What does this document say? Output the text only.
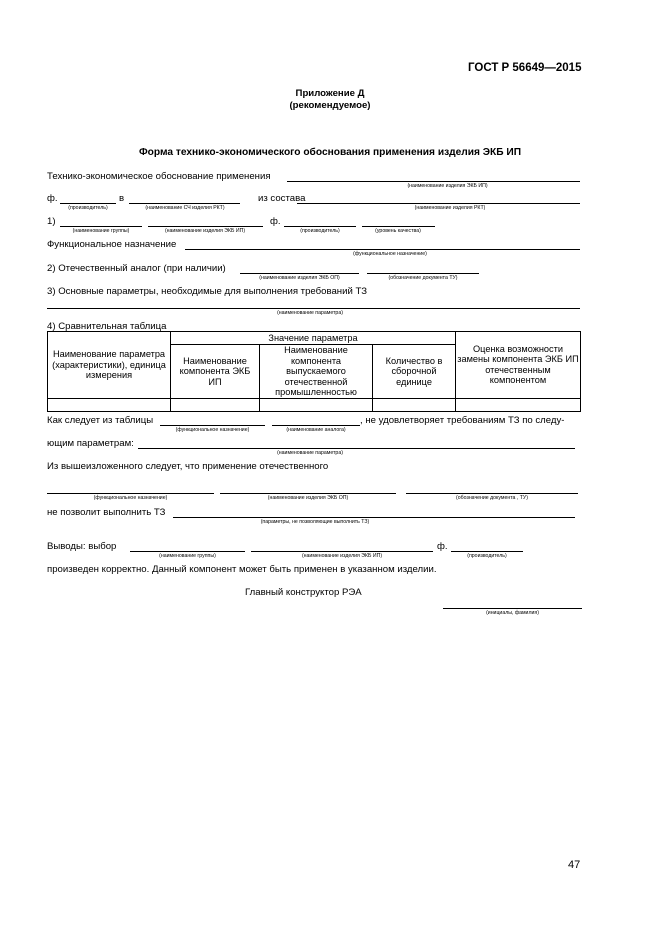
ГОСТ Р 56649—2015
Приложение Д
(рекомендуемое)
Форма технико-экономического обоснования применения изделия ЭКБ ИП
Технико-экономическое обоснование применения
(наименование изделия ЭКБ ИП)
ф.	в	из состава
(производитель)	(наименование СЧ изделия РКТ)	(наименование изделия РКТ)
1)	ф.
(наименование группы)	(наименование изделия ЭКБ ИП)	(производитель)	(уровень качества)
Функциональное назначение
(функциональное назначение)
2) Отечественный аналог (при наличии)
(наименование изделия ЭКБ ОП)	(обозначение документа ТУ)
3) Основные параметры, необходимые для выполнения требований ТЗ
(наименование параметра)
4) Сравнительная таблица
Наименование параметра (характеристики), единица измерения	Значение параметра			Оценка возможности замены компонента ЭКБ ИП отечественным компонентом
	Наименование компонента ЭКБ ИП	Наименование компонента выпускаемого отечественной промышленностью	Количество в сборочной единице	

Как следует из таблицы	, не удовлетворяет требованиям ТЗ по следу-
(функциональное назначение)	(наименование аналога)
ющим параметрам:
(наименование параметра)
Из вышеизложенного следует, что применение отечественного
(функциональное назначение)	(наименование изделия ЭКБ ОП)	(обозначение документа , ТУ)
не позволит выполнить ТЗ
(параметры, не позволяющие выполнить ТЗ)
Выводы: выбор	ф.
(наименование группы)	(наименование изделия ЭКБ ИП)	(производитель)
произведен корректно. Данный компонент может быть применен в указанном изделии.
Главный конструктор РЭА
(инициалы, фамилия)
47
